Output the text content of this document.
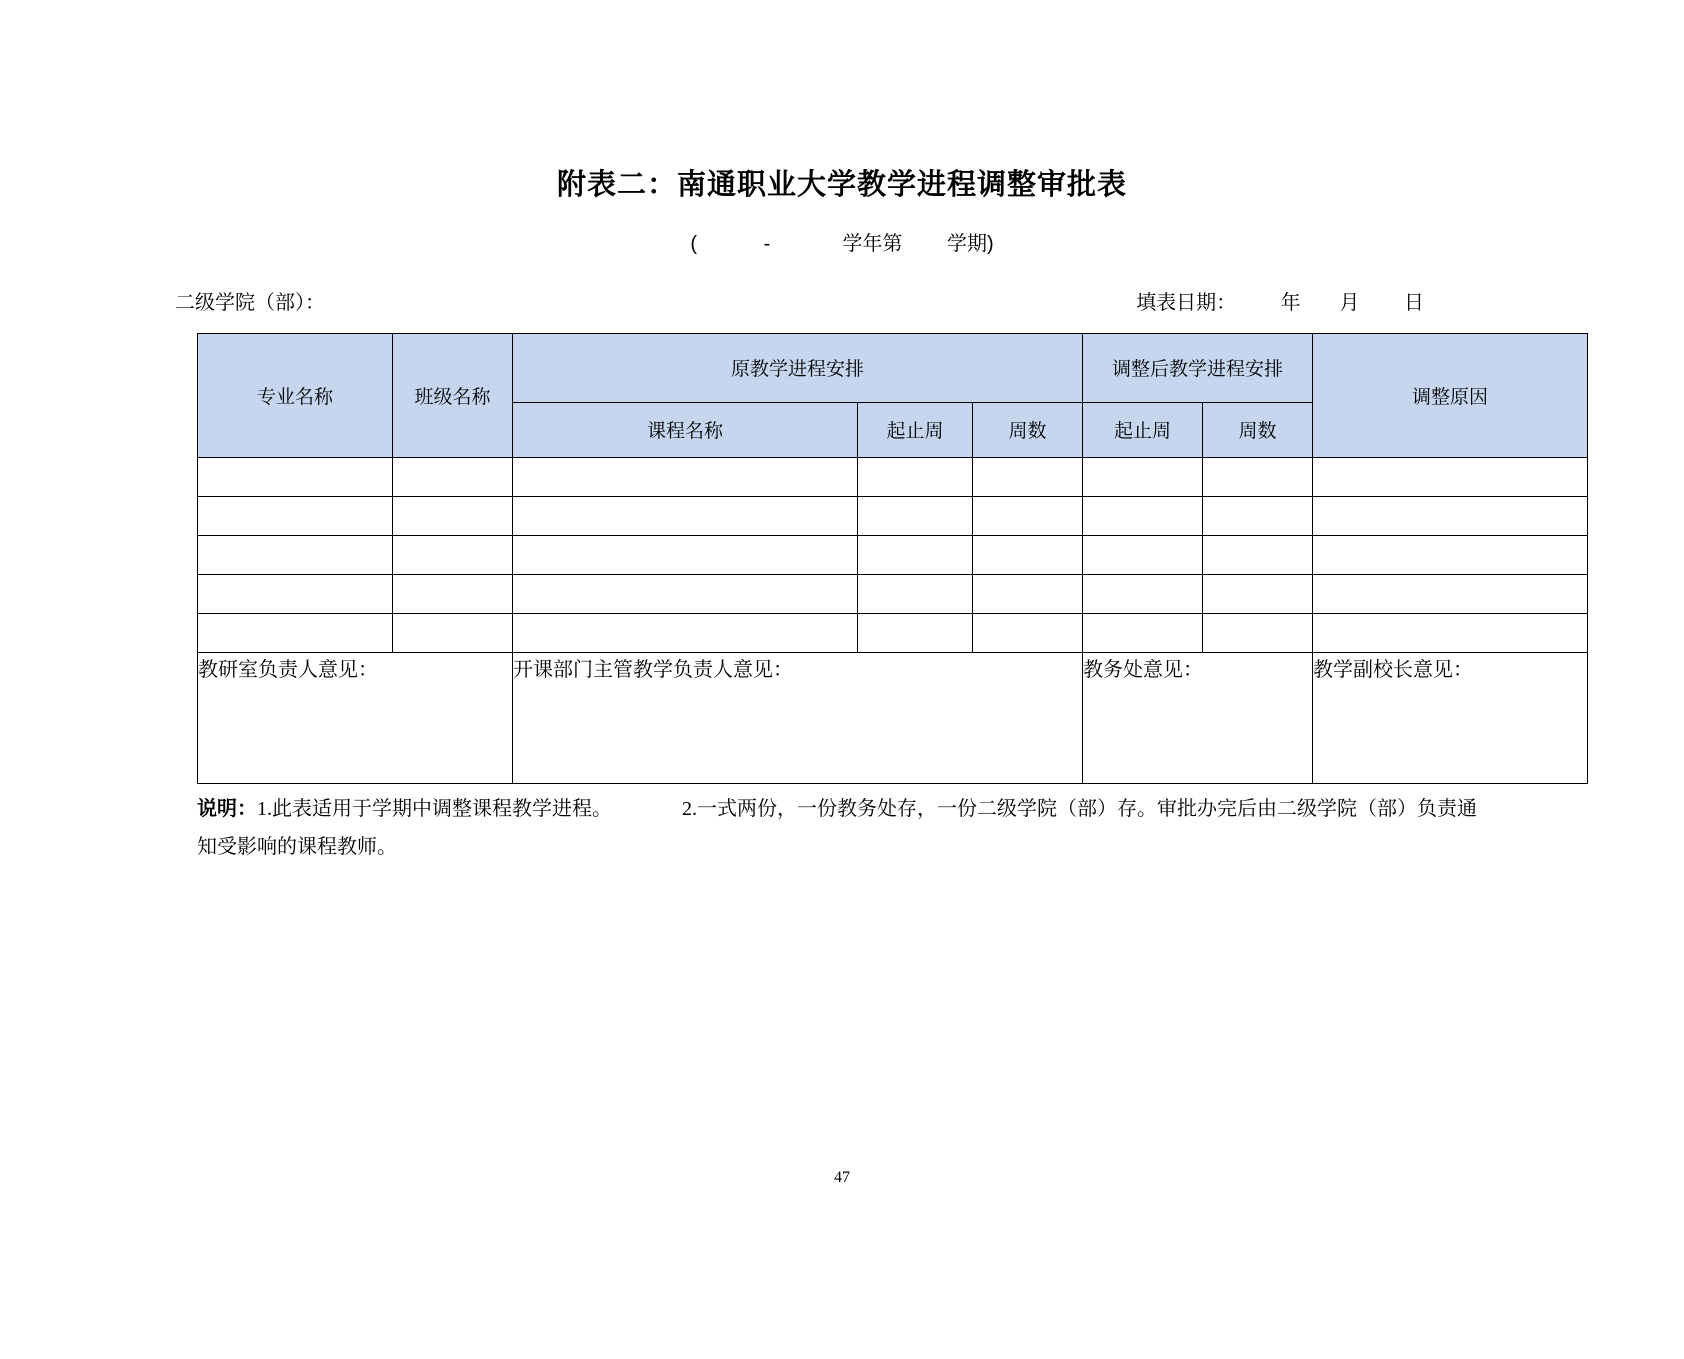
附表二：南通职业大学教学进程调整审批表
(            -             学年第        学期)
二级学院（部）：	填表日期：        年       月        日
专业名称	班级名称	原教学进程安排			调整后教学进程安排		调整原因
		课程名称	起止周	周数	起止周	周数	

教研室负责人意见：		开课部门主管教学负责人意见：			教务处意见：		教学副校长意见：
说明：1.此表适用于学期中调整课程教学进程。	2.一式两份，一份教务处存，一份二级学院（部）存。审批办完后由二级学院（部）负责通知受影响的课程教师。
47
